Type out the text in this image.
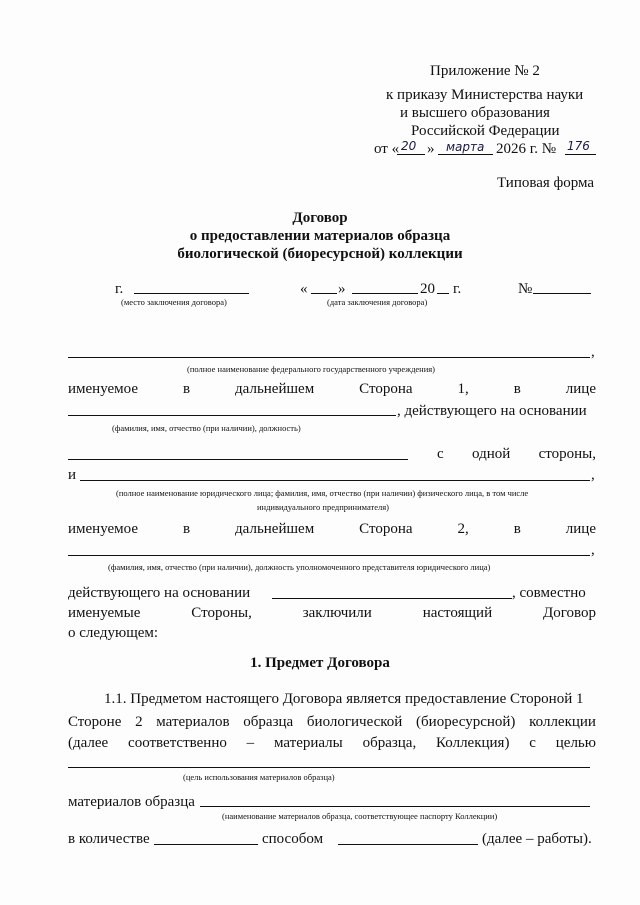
Приложение № 2
к приказу Министерства науки
и высшего образования
Российской Федерации
от « 20 » марта 2026 г. № 176
Типовая форма
Договор
о предоставлении материалов образца
биологической (биоресурсной) коллекции
г.	« »	20 г.	№
(место заключения договора)	(дата заключения договора)
,
(полное наименование федерального государственного учреждения)
именуемое	в	дальнейшем	Сторона	1,	в	лице
, действующего на основании
(фамилия, имя, отчество (при наличии), должность)
с одной стороны,
и	,
(полное наименование юридического лица; фамилия, имя, отчество (при наличии) физического лица, в том числе
индивидуального предпринимателя)
именуемое	в	дальнейшем	Сторона	2,	в	лице
,
(фамилия, имя, отчество (при наличии), должность уполномоченного представителя юридического лица)
действующего на основании	, совместно
именуемые	Стороны,	заключили	настоящий	Договор
о следующем:
1. Предмет Договора
1.1. Предметом настоящего Договора является предоставление Стороной 1
Стороне 2 материалов образца биологической (биоресурсной) коллекции
(далее соответственно – материалы образца, Коллекция) с целью
(цель использования материалов образца)
материалов образца
(наименование материалов образца, соответствующее паспорту Коллекции)
в количестве	способом	(далее – работы).
